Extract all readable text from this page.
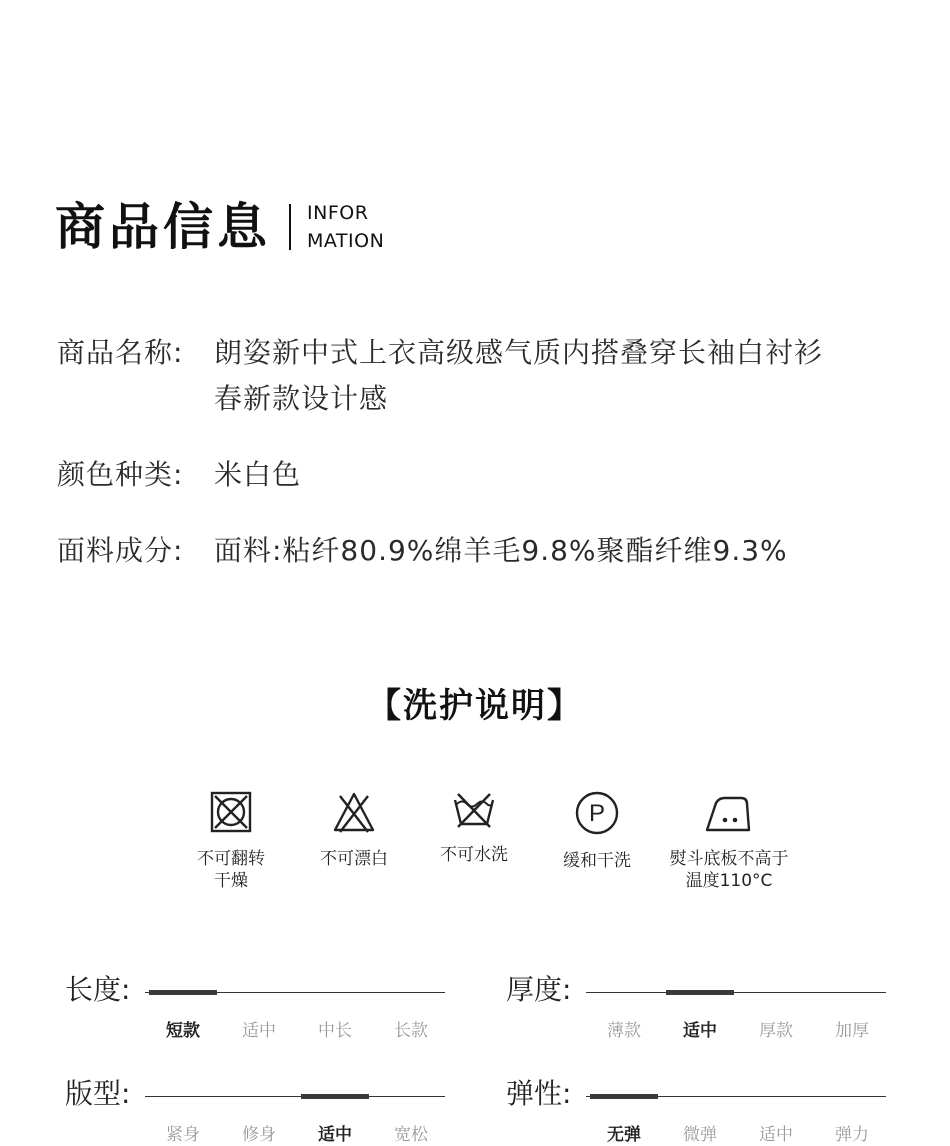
商品信息 INFOR
MATION
商品名称:	朗姿新中式上衣高级感气质内搭叠穿长袖白衬衫
春新款设计感
颜色种类:	米白色
面料成分:	面料:粘纤80.9%绵羊毛9.8%聚酯纤维9.3%
【洗护说明】
不可翻转
干燥
不可漂白	不可水洗
P
缓和干洗	熨斗底板不高于
温度110°C
长度:
短款	适中	中长	长款
厚度:
薄款	适中	厚款	加厚
版型:
紧身	修身	适中	宽松
弹性:
无弹	微弹	适中	弹力
